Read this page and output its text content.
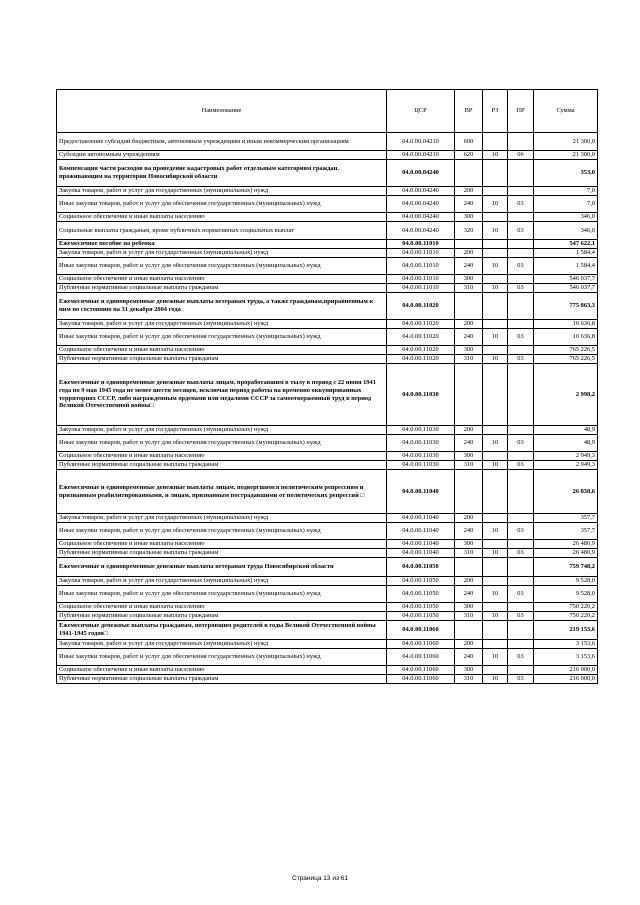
Наименование	ЦСР	ВР	РЗ	ПР	Сумма
Предоставление субсидий бюджетным, автономным учреждениям и иным некоммерческим организациям	04.0.00.04210	600			21 300,0
Субсидии автономным учреждениям	04.0.00.04210	620	10	06	21 300,0
Компенсация части расходов на проведение кадастровых работ отдельным категориям граждан, проживающим на территории Новосибирской области	04.0.00.04240				353,0
Закупка товаров, работ и услуг для государственных (муниципальных) нужд	04.0.00.04240	200			7,0
Иные закупки товаров, работ и услуг для обеспечения государственных (муниципальных) нужд	04.0.00.04240	240	10	03	7,0
Социальное обеспечение и иные выплаты населению	04.0.00.04240	300			346,0
Социальные выплаты гражданам, кроме публичных нормативных социальных выплат	04.0.00.04240	320	10	03	346,0
Ежемесячное пособие на ребенка	04.0.00.11010				547 622,1
Закупка товаров, работ и услуг для государственных (муниципальных) нужд	04.0.00.11010	200			1 584,4
Иные закупки товаров, работ и услуг для обеспечения государственных (муниципальных) нужд	04.0.00.11010	240	10	03	1 584,4
Социальное обеспечение и иные выплаты населению	04.0.00.11010	300			546 037,7
Публичные нормативные социальные выплаты гражданам	04.0.00.11010	310	10	03	546 037,7
Ежемесячные и единовременные денежные выплаты ветеранам труда, а также гражданам,приравненным к ним по состоянию на 31 декабря 2004 года	04.0.00.11020				775 863,3
Закупка товаров, работ и услуг для государственных (муниципальных) нужд	04.0.00.11020	200			10 636,8
Иные закупки товаров, работ и услуг для обеспечения государственных (муниципальных) нужд	04.0.00.11020	240	10	03	10 636,8
Социальное обеспечение и иные выплаты населению	04.0.00.11020	300			765 226,5
Публичные нормативные социальные выплаты гражданам	04.0.00.11020	310	10	03	765 226,5
Ежемесячные и единовременные денежные выплаты лицам, проработавшим в тылу в период с 22 июня 1941 года по 9 мая 1945 года не менее шести месяцев, исключая период работы на временно оккупированных территориях СССР, либо награжденным орденами или медалями СССР за самоотверженный труд в период Великой Отечественной войны□	04.0.00.11030				2 998,2
Закупка товаров, работ и услуг для государственных (муниципальных) нужд	04.0.00.11030	200			48,9
Иные закупки товаров, работ и услуг для обеспечения государственных (муниципальных) нужд	04.0.00.11030	240	10	03	48,9
Социальное обеспечение и иные выплаты населению	04.0.00.11030	300			2 949,3
Публичные нормативные социальные выплаты гражданам	04.0.00.11030	310	10	03	2 949,3
Ежемесячные и единовременные денежные выплаты лицам, подвергшимся политическим репрессиям и признанным реабилитированными, и лицам, признанным пострадавшими от политических репрессий □	04.0.00.11040				26 838,6
Закупка товаров, работ и услуг для государственных (муниципальных) нужд	04.0.00.11040	200			357,7
Иные закупки товаров, работ и услуг для обеспечения государственных (муниципальных) нужд	04.0.00.11040	240	10	03	357,7
Социальное обеспечение и иные выплаты населению	04.0.00.11040	300			26 480,9
Публичные нормативные социальные выплаты гражданам	04.0.00.11040	310	10	03	26 480,9
Ежемесячные и единовременные денежные выплаты ветеранам труда Новосибирской области	04.0.00.11050				759 748,2
Закупка товаров, работ и услуг для государственных (муниципальных) нужд	04.0.00.11050	200			9 528,0
Иные закупки товаров, работ и услуг для обеспечения государственных (муниципальных) нужд	04.0.00.11050	240	10	03	9 528,0
Социальное обеспечение и иные выплаты населению	04.0.00.11050	300			750 220,2
Публичные нормативные социальные выплаты гражданам	04.0.00.11050	310	10	03	750 220,2
Ежемесячные денежные выплаты гражданам, потерявшим родителей в годы Великой Отечественной войны 1941-1945 годов□	04.0.00.11060				219 153,6
Закупка товаров, работ и услуг для государственных (муниципальных) нужд	04.0.00.11060	200			3 153,6
Иные закупки товаров, работ и услуг для обеспечения государственных (муниципальных) нужд	04.0.00.11060	240	10	03	3 153,6
Социальное обеспечение и иные выплаты населению	04.0.00.11060	300			216 000,0
Публичные нормативные социальные выплаты гражданам	04.0.00.11060	310	10	03	216 000,0
Страница 13 из 61
